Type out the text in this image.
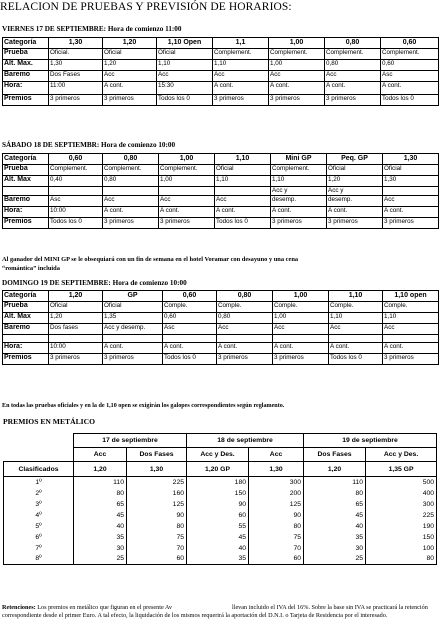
RELACION DE PRUEBAS Y PREVISIÓN DE HORARIOS:
VIERNES 17 DE SEPTIEMBRE: Hora de comienzo 11:00
Categoría	1,30	1,20	1,10 Open	1,1	1,00	0,80	0,60
Prueba	Oficial.	Oficial	Oficial	Complement.	Complement.	Complement.	Complement.
Alt. Max.	1,30	1,20	1,10	1,10	1,00	0,80	0,60
Baremo	Dos Fases	Acc	Acc	Acc	Acc	Acc	Asc
Hora:	11:00	A cont.	15:30	A cont.	A cont.	A cont.	A cont.
Premios	3 primeros	3 primeros	Todos los 0	3 primeros	3 primeros	3 primeros	Todos los 0
SÁBADO 18 DE SEPTIEMBR: Hora de comienzo 10:00
Categoría	0,60	0,80	1,00	1,10	Mini GP	Peq. GP	1,30
Prueba	Complement.	Complement.	Complement.	Oficial	Complement.	Oficial	Oficial
Alt. Max	0,40	0,80	1,00	1,10	1,10	1,20	1,30
					Acc y	Acc y	
Baremo	Asc	Acc	Acc	Acc	desemp.	desemp.	Acc
Hora:	10:00	A cont.	A cont.	A cont.	A cont.	A cont.	A cont.
Premios	Todos los 0	3 primeros	3 primeros	Todos los 0	3 primeros	3 primeros	3 primeros
Al ganador del MINI GP se le obsequiará con un fin de semana en el hotel Voramar con desayuno y una cena
“romántica” incluida
DOMINGO 19 DE SEPTIEMBRE: Hora de comienzo 10:00
Categoría	1,20	GP	0,60	0,80	1,00	1,10	1,10 open
Prueba	Oficial	Oficial	Comple.	Comple.	Comple.	Comple.	Comple.
Alt. Max	1,20	1,35	0,60	0,80	1,00	1,10	1,10
Baremo	Dos fases	Acc y desemp.	Asc	Acc	Acc	Acc	Acc

Hora:	10:00	A cont.	A cont.	A cont.	A cont.	A cont.	A cont.
Premios	3 primeros	3 primeros	Todos los 0	3 primeros	3 primeros	Todos los 0	3 primeros
En todas las pruebas oficiales y en la de 1,10 open se exigirán los galopes correspondientes según reglamento.
PREMIOS EN METÁLICO
	17 de septiembre		18 de septiembre		19 de septiembre	
	Acc	Dos Fases	Acc y Des.	Acc	Dos Fases	Acc y Des.
Clasificados	1,20	1,30	1,20 GP	1,30	1,20	1,35 GP
1º	110	225	180	300	110	500
2º	80	160	150	200	80	400
3º	65	125	90	125	65	300
4º	45	90	60	90	45	225
5º	40	80	55	80	40	190
6º	35	75	45	75	35	150
7º	30	70	40	70	30	100
8º	25	60	35	60	25	80
Retenciones: Los premios en metálico que figuran en el presente Av	llevan incluido el IVA del 16%. Sobre la base sin IVA se practicará la retención correspondiente desde el primer Euro. A tal efecto, la liquidación de los mismos requerirá la aportación del D.N.I. o Tarjeta de Residencia por el interesado.
